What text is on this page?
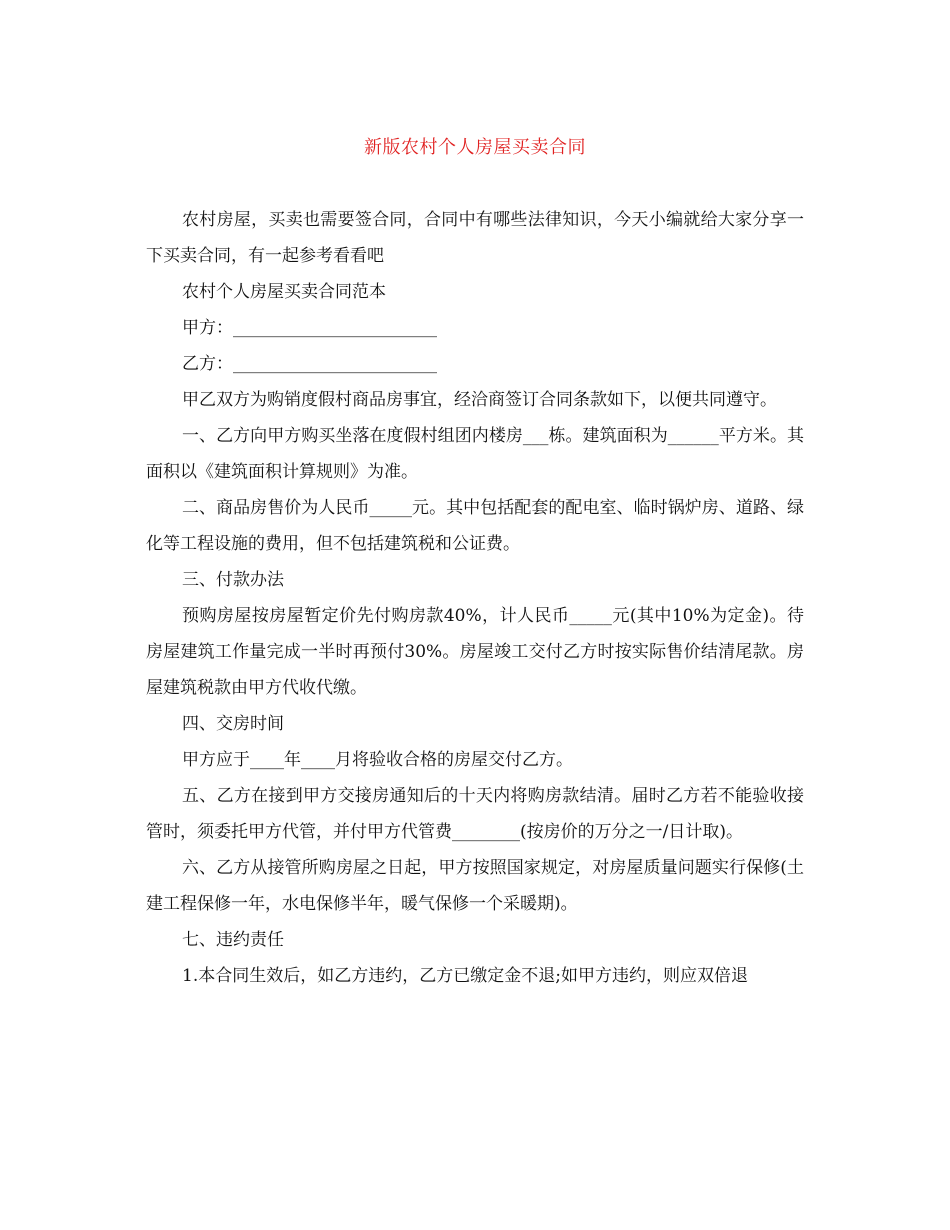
新版农村个人房屋买卖合同

农村房屋，买卖也需要签合同，合同中有哪些法律知识，今天小编就给大家分享一下买卖合同，有一起参考看看吧

农村个人房屋买卖合同范本

甲方：________________________

乙方：________________________

甲乙双方为购销度假村商品房事宜，经洽商签订合同条款如下，以便共同遵守。

一、乙方向甲方购买坐落在度假村组团内楼房___栋。建筑面积为______平方米。其面积以《建筑面积计算规则》为准。

二、商品房售价为人民币_____元。其中包括配套的配电室、临时锅炉房、道路、绿化等工程设施的费用，但不包括建筑税和公证费。

三、付款办法

预购房屋按房屋暂定价先付购房款40%，计人民币_____元(其中10%为定金)。待房屋建筑工作量完成一半时再预付30%。房屋竣工交付乙方时按实际售价结清尾款。房屋建筑税款由甲方代收代缴。

四、交房时间

甲方应于____年____月将验收合格的房屋交付乙方。

五、乙方在接到甲方交接房通知后的十天内将购房款结清。届时乙方若不能验收接管时，须委托甲方代管，并付甲方代管费________(按房价的万分之一/日计取)。

六、乙方从接管所购房屋之日起，甲方按照国家规定，对房屋质量问题实行保修(土建工程保修一年，水电保修半年，暖气保修一个采暖期)。

七、违约责任

1.本合同生效后，如乙方违约，乙方已缴定金不退;如甲方违约，则应双倍退
